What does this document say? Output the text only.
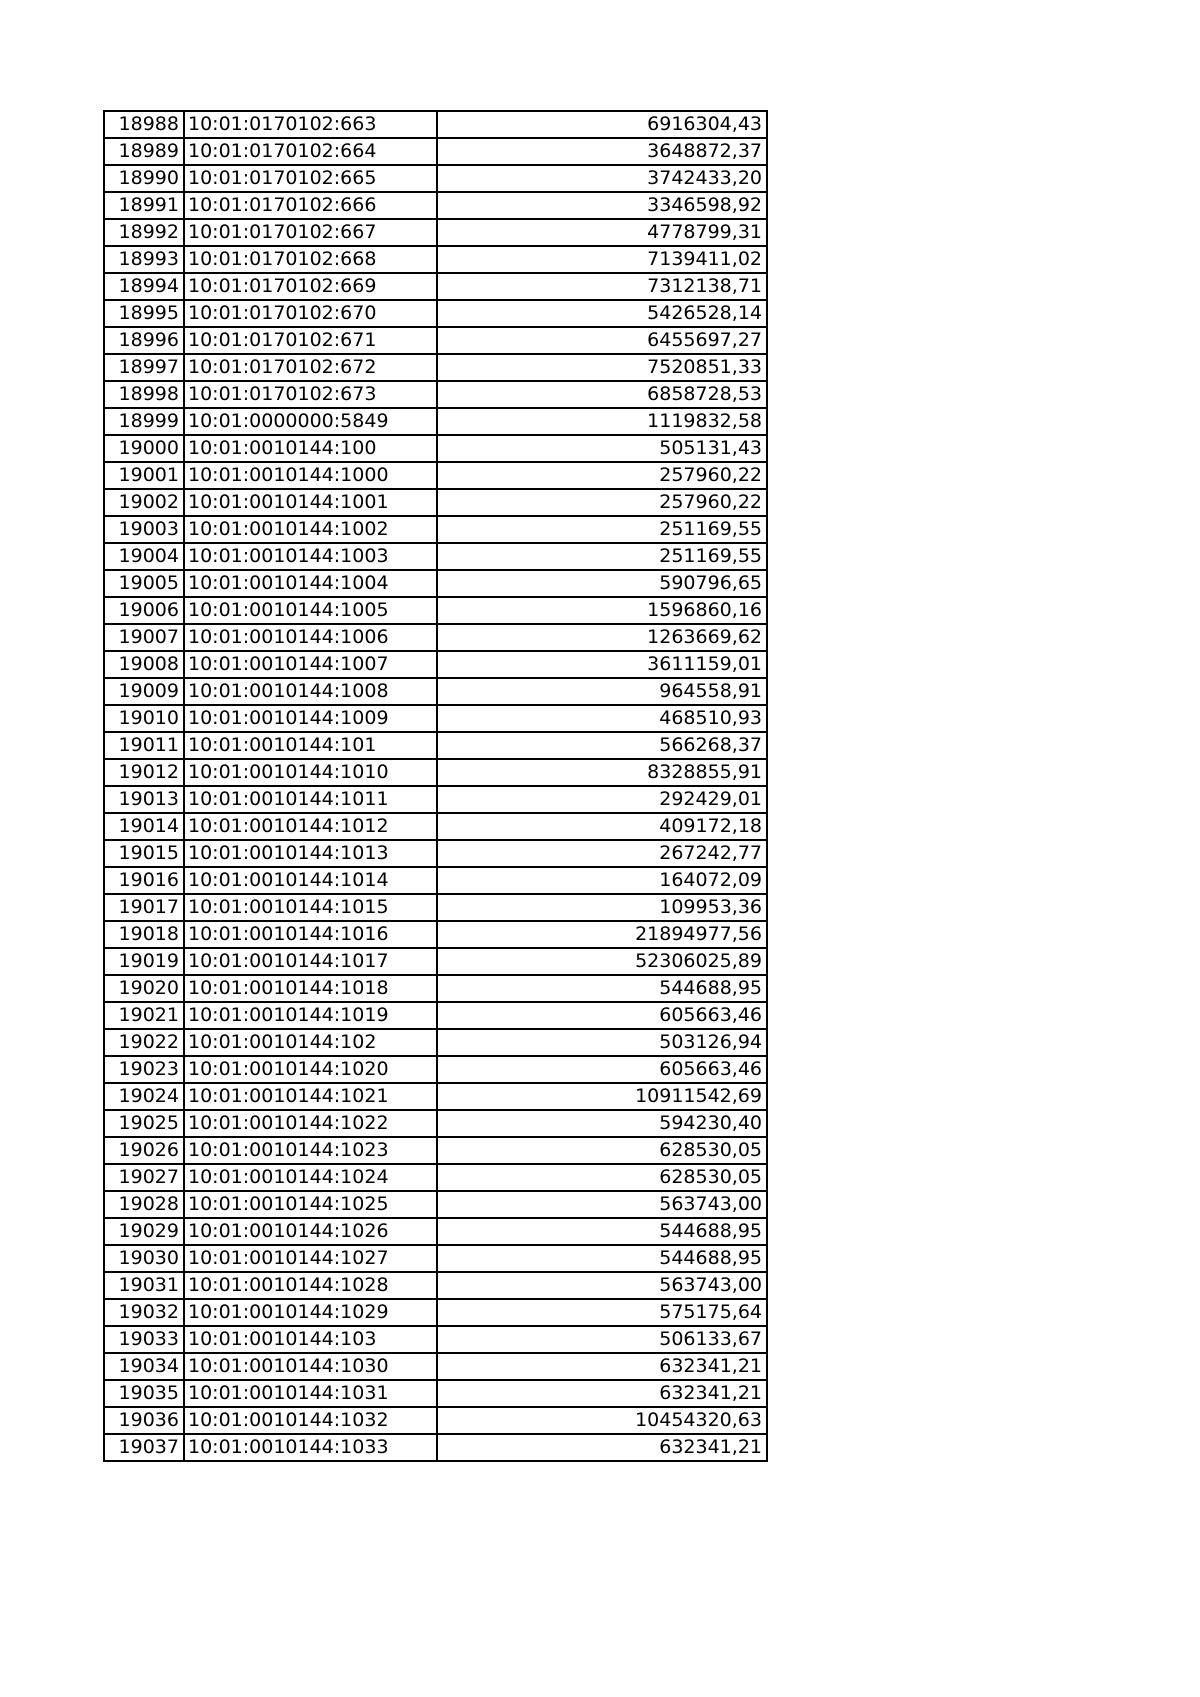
18988	10:01:0170102:663	6916304,43
18989	10:01:0170102:664	3648872,37
18990	10:01:0170102:665	3742433,20
18991	10:01:0170102:666	3346598,92
18992	10:01:0170102:667	4778799,31
18993	10:01:0170102:668	7139411,02
18994	10:01:0170102:669	7312138,71
18995	10:01:0170102:670	5426528,14
18996	10:01:0170102:671	6455697,27
18997	10:01:0170102:672	7520851,33
18998	10:01:0170102:673	6858728,53
18999	10:01:0000000:5849	1119832,58
19000	10:01:0010144:100	505131,43
19001	10:01:0010144:1000	257960,22
19002	10:01:0010144:1001	257960,22
19003	10:01:0010144:1002	251169,55
19004	10:01:0010144:1003	251169,55
19005	10:01:0010144:1004	590796,65
19006	10:01:0010144:1005	1596860,16
19007	10:01:0010144:1006	1263669,62
19008	10:01:0010144:1007	3611159,01
19009	10:01:0010144:1008	964558,91
19010	10:01:0010144:1009	468510,93
19011	10:01:0010144:101	566268,37
19012	10:01:0010144:1010	8328855,91
19013	10:01:0010144:1011	292429,01
19014	10:01:0010144:1012	409172,18
19015	10:01:0010144:1013	267242,77
19016	10:01:0010144:1014	164072,09
19017	10:01:0010144:1015	109953,36
19018	10:01:0010144:1016	21894977,56
19019	10:01:0010144:1017	52306025,89
19020	10:01:0010144:1018	544688,95
19021	10:01:0010144:1019	605663,46
19022	10:01:0010144:102	503126,94
19023	10:01:0010144:1020	605663,46
19024	10:01:0010144:1021	10911542,69
19025	10:01:0010144:1022	594230,40
19026	10:01:0010144:1023	628530,05
19027	10:01:0010144:1024	628530,05
19028	10:01:0010144:1025	563743,00
19029	10:01:0010144:1026	544688,95
19030	10:01:0010144:1027	544688,95
19031	10:01:0010144:1028	563743,00
19032	10:01:0010144:1029	575175,64
19033	10:01:0010144:103	506133,67
19034	10:01:0010144:1030	632341,21
19035	10:01:0010144:1031	632341,21
19036	10:01:0010144:1032	10454320,63
19037	10:01:0010144:1033	632341,21
